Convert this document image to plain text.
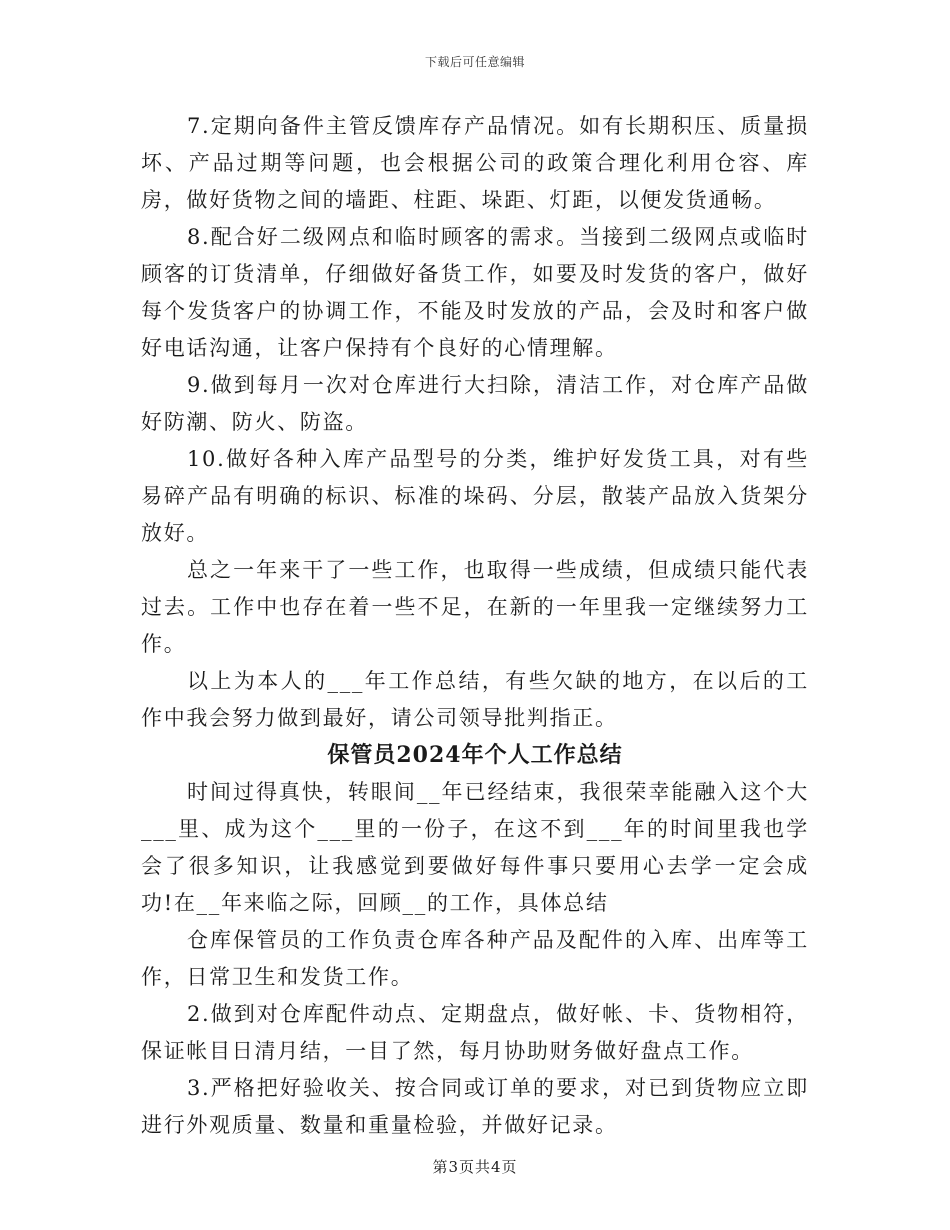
下载后可任意编辑

7.定期向备件主管反馈库存产品情况。如有长期积压、质量损坏、产品过期等问题，也会根据公司的政策合理化利用仓容、库房，做好货物之间的墙距、柱距、垛距、灯距，以便发货通畅。

8.配合好二级网点和临时顾客的需求。当接到二级网点或临时顾客的订货清单，仔细做好备货工作，如要及时发货的客户，做好每个发货客户的协调工作，不能及时发放的产品，会及时和客户做好电话沟通，让客户保持有个良好的心情理解。

9.做到每月一次对仓库进行大扫除，清洁工作，对仓库产品做好防潮、防火、防盗。

10.做好各种入库产品型号的分类，维护好发货工具，对有些易碎产品有明确的标识、标准的垛码、分层，散装产品放入货架分放好。

总之一年来干了一些工作，也取得一些成绩，但成绩只能代表过去。工作中也存在着一些不足，在新的一年里我一定继续努力工作。

以上为本人的___年工作总结，有些欠缺的地方，在以后的工作中我会努力做到最好，请公司领导批判指正。

保管员2024年个人工作总结

时间过得真快，转眼间__年已经结束，我很荣幸能融入这个大___里、成为这个___里的一份子，在这不到___年的时间里我也学会了很多知识，让我感觉到要做好每件事只要用心去学一定会成功!在__年来临之际，回顾__的工作，具体总结

仓库保管员的工作负责仓库各种产品及配件的入库、出库等工作，日常卫生和发货工作。

2.做到对仓库配件动点、定期盘点，做好帐、卡、货物相符，保证帐目日清月结，一目了然，每月协助财务做好盘点工作。

3.严格把好验收关、按合同或订单的要求，对已到货物应立即进行外观质量、数量和重量检验，并做好记录。

第3页共4页
